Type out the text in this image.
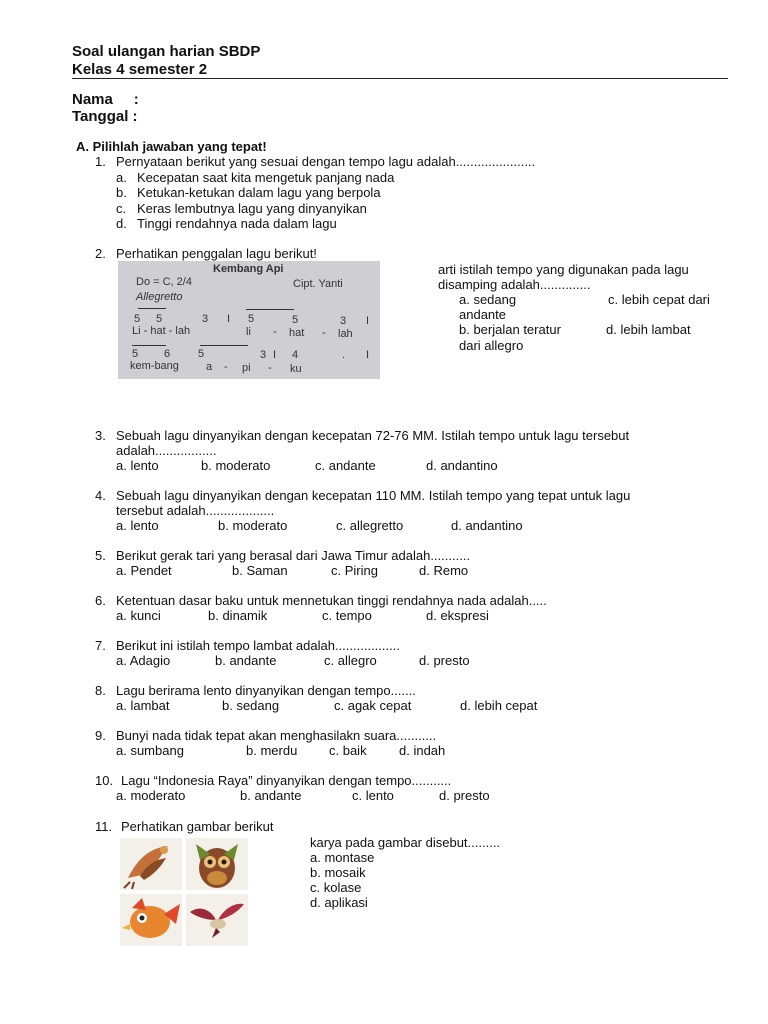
Soal ulangan harian SBDP
Kelas 4 semester 2
Nama     :
Tanggal :
A. Pilihlah jawaban yang tepat!
1. Pernyataan berikut yang sesuai dengan tempo lagu adalah......................
a. Kecepatan saat kita mengetuk panjang nada
b. Ketukan-ketukan dalam lagu yang berpola
c. Keras lembutnya lagu yang dinyanyikan
d. Tinggi rendahnya nada dalam lagu
2. Perhatikan penggalan lagu berikut!
Kembang Api
Do = C, 2/4	Cipt. Yanti
Allegretto
5 5	3 I 5	5	3 I
Li - hat - lah	li - hat - lah
5 6	5	3 I 4	. I
kem-bang a - pi - ku
arti istilah tempo yang digunakan pada lagu
disamping adalah..............
a. sedang	c. lebih cepat dari
andante
b. berjalan teratur	d. lebih lambat
dari allegro
3. Sebuah lagu dinyanyikan dengan kecepatan 72-76 MM. Istilah tempo untuk lagu tersebut
adalah.................
a. lento	b. moderato	c. andante	d. andantino
4. Sebuah lagu dinyanyikan dengan kecepatan 110 MM. Istilah tempo yang tepat untuk lagu
tersebut adalah...................
a. lento	b. moderato	c. allegretto	d. andantino
5. Berikut gerak tari yang berasal dari Jawa Timur adalah...........
a. Pendet	b. Saman	c. Piring	d. Remo
6. Ketentuan dasar baku untuk mennetukan tinggi rendahnya nada adalah.....
a. kunci	b. dinamik	c. tempo	d. ekspresi
7. Berikut ini istilah tempo lambat adalah..................
a. Adagio	b. andante	c. allegro	d. presto
8. Lagu berirama lento dinyanyikan dengan tempo.......
a. lambat	b. sedang	c. agak cepat	d. lebih cepat
9. Bunyi nada tidak tepat akan menghasilakn suara...........
a. sumbang	b. merdu c. baik d. indah
10. Lagu “Indonesia Raya” dinyanyikan dengan tempo...........
a. moderato	b. andante	c. lento	d. presto
11. Perhatikan gambar berikut
karya pada gambar disebut.........
a. montase
b. mosaik
c. kolase
d. aplikasi
